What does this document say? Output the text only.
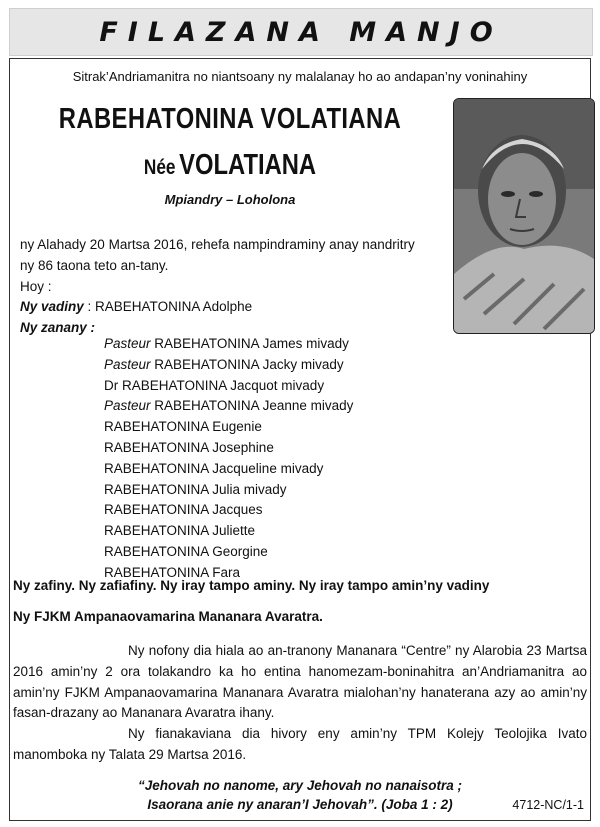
FILAZANA MANJO
Sitrak’Andriamanitra no niantsoany ny malalanay ho ao andapan’ny voninahiny
RABEHATONINA VOLATIANA
Née VOLATIANA
Mpiandry – Loholona
ny Alahady 20 Martsa 2016, rehefa nampindraminy anay nandritry
ny 86 taona teto an-tany.
Hoy :
Ny vadiny : RABEHATONINA Adolphe
Ny zanany :
Pasteur RABEHATONINA James mivady
Pasteur RABEHATONINA Jacky mivady
Dr RABEHATONINA Jacquot mivady
Pasteur RABEHATONINA Jeanne mivady
RABEHATONINA Eugenie
RABEHATONINA Josephine
RABEHATONINA Jacqueline mivady
RABEHATONINA Julia mivady
RABEHATONINA Jacques
RABEHATONINA Juliette
RABEHATONINA Georgine
RABEHATONINA Fara
Ny zafiny. Ny zafiafiny. Ny iray tampo aminy. Ny iray tampo amin’ny vadiny
Ny FJKM Ampanaovamarina Mananara Avaratra.
Ny nofony dia hiala ao an-tranony Mananara “Centre” ny Alarobia 23 Martsa 2016 amin’ny 2 ora tolakandro ka ho entina hanomezam-boninahitra an’Andriamanitra ao amin’ny FJKM Ampanaovamarina Mananara Avaratra mialohan’ny hanaterana azy ao amin’ny fasan-drazany ao Mananara Avaratra ihany.
Ny fianakaviana dia hivory eny amin’ny TPM Kolejy Teolojika Ivato manomboka ny Talata 29 Martsa 2016.
“Jehovah no nanome, ary Jehovah no nanaisotra ;
Isaorana anie ny anaran’I Jehovah”. (Joba 1 : 2)	4712-NC/1-1
